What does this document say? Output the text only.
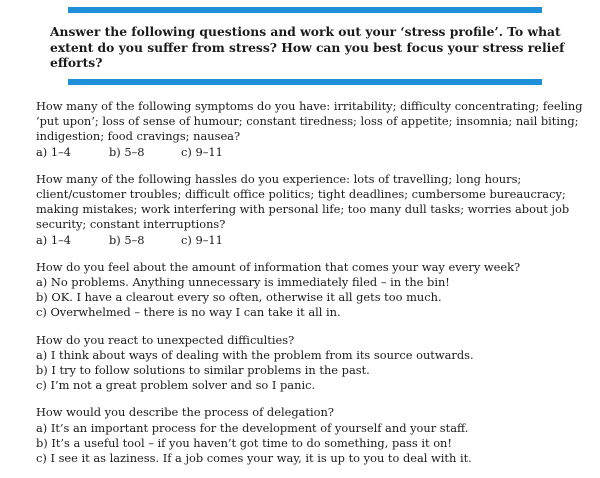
Answer the following questions and work out your ‘stress profile’. To what extent do you suffer from stress? How can you best focus your stress relief efforts?

How many of the following symptoms do you have: irritability; difficulty concentrating; feeling ‘put upon’; loss of sense of humour; constant tiredness; loss of appetite; insomnia; nail biting; indigestion; food cravings; nausea?

a) 1–4	b) 5–8	c) 9–11

How many of the following hassles do you experience: lots of travelling; long hours; client/customer troubles; difficult office politics; tight deadlines; cumbersome bureaucracy; making mistakes; work interfering with personal life; too many dull tasks; worries about job security; constant interruptions?

a) 1–4	b) 5–8	c) 9–11

How do you feel about the amount of information that comes your way every week?

a) No problems. Anything unnecessary is immediately filed – in the bin!

b) OK. I have a clearout every so often, otherwise it all gets too much.

c) Overwhelmed – there is no way I can take it all in.

How do you react to unexpected difficulties?

a) I think about ways of dealing with the problem from its source outwards.

b) I try to follow solutions to similar problems in the past.

c) I’m not a great problem solver and so I panic.

How would you describe the process of delegation?

a) It’s an important process for the development of yourself and your staff.

b) It’s a useful tool – if you haven’t got time to do something, pass it on!

c) I see it as laziness. If a job comes your way, it is up to you to deal with it.
